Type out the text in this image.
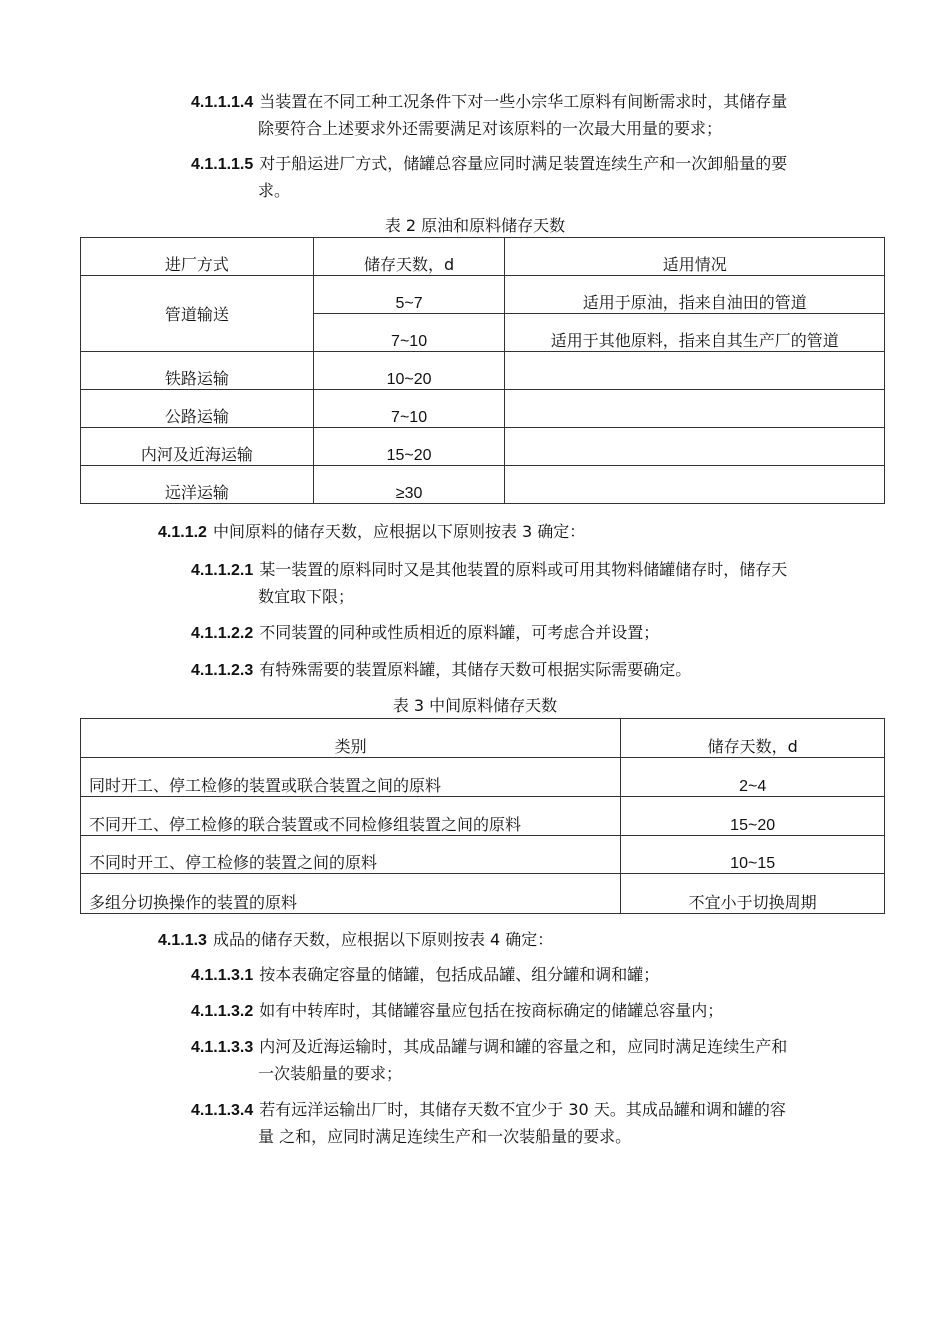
4.1.1.1.4 当装置在不同工种工况条件下对一些小宗华工原料有间断需求时，其储存量
除要符合上述要求外还需要满足对该原料的一次最大用量的要求；
4.1.1.1.5 对于船运进厂方式，储罐总容量应同时满足装置连续生产和一次卸船量的要
求。
表 2 原油和原料储存天数
进厂方式	储存天数，d	适用情况
管道输送	5~7	适用于原油，指来自油田的管道
	7~10	适用于其他原料，指来自其生产厂的管道
铁路运输	10~20	
公路运输	7~10	
内河及近海运输	15~20	
远洋运输	≥30	
4.1.1.2 中间原料的储存天数，应根据以下原则按表 3 确定：
4.1.1.2.1 某一装置的原料同时又是其他装置的原料或可用其物料储罐储存时，储存天
数宜取下限；
4.1.1.2.2 不同装置的同种或性质相近的原料罐，可考虑合并设置；
4.1.1.2.3 有特殊需要的装置原料罐，其储存天数可根据实际需要确定。
表 3 中间原料储存天数
类别	储存天数，d
同时开工、停工检修的装置或联合装置之间的原料	2~4
不同开工、停工检修的联合装置或不同检修组装置之间的原料	15~20
不同时开工、停工检修的装置之间的原料	10~15
多组分切换操作的装置的原料	不宜小于切换周期
4.1.1.3 成品的储存天数，应根据以下原则按表 4 确定：
4.1.1.3.1 按本表确定容量的储罐，包括成品罐、组分罐和调和罐；
4.1.1.3.2 如有中转库时，其储罐容量应包括在按商标确定的储罐总容量内；
4.1.1.3.3 内河及近海运输时，其成品罐与调和罐的容量之和，应同时满足连续生产和
一次装船量的要求；
4.1.1.3.4 若有远洋运输出厂时，其储存天数不宜少于 30 天。其成品罐和调和罐的容
量 之和，应同时满足连续生产和一次装船量的要求。
